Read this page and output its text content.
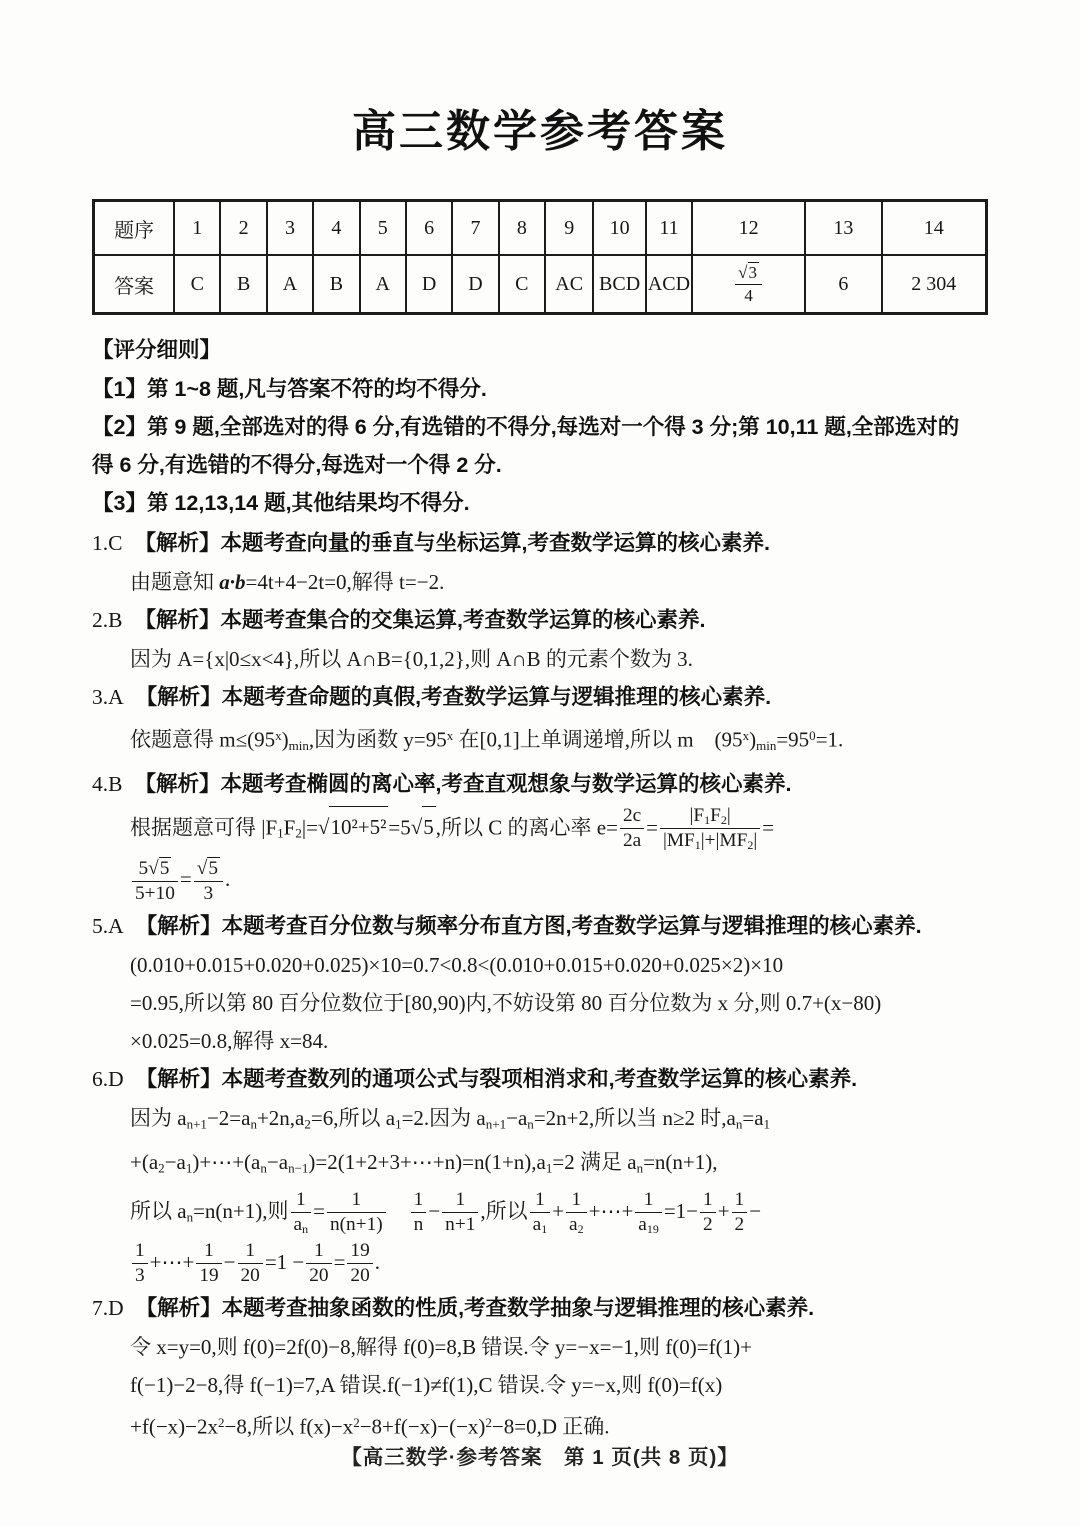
高三数学参考答案
题序	1	2	3	4	5	6	7	8	9	10	11	12	13	14
答案	C	B	A	B	A	D	D	C	AC	BCD	ACD	$\frac{√3}{4}$	6	2 304
【评分细则】
【1】第 1~8 题,凡与答案不符的均不得分.
【2】第 9 题,全部选对的得 6 分,有选错的不得分,每选对一个得 3 分;第 10,11 题,全部选对的
得 6 分,有选错的不得分,每选对一个得 2 分.
【3】第 12,13,14 题,其他结果均不得分.
1.C 【解析】本题考查向量的垂直与坐标运算,考查数学运算的核心素养.
由题意知 a·b=4t+4−2t=0,解得 t=−2.
2.B 【解析】本题考查集合的交集运算,考查数学运算的核心素养.
因为 A={x|0≤x<4},所以 A∩B={0,1,2},则 A∩B 的元素个数为 3.
3.A 【解析】本题考查命题的真假,考查数学运算与逻辑推理的核心素养.
依题意得 $m\le(95^x)_{min}$,因为函数 $y=95^x$ 在[0,1]上单调递增,所以 m　$(95^x)_{min}=95^0=1$.
4.B 【解析】本题考查椭圆的离心率,考查直观想象与数学运算的核心素养.
根据题意可得 $|F_1F_2|=√10^2+5^2=5√5$,所以 C 的离心率 $e= \frac{2c}{2a} = \frac{|F_1F_2|}{|MF_1|+|MF_2|}$ =
$\frac{5√5}{5+10} = \frac{√5}{3}$ .
5.A 【解析】本题考查百分位数与频率分布直方图,考查数学运算与逻辑推理的核心素养.
(0.010+0.015+0.020+0.025)×10=0.7<0.8<(0.010+0.015+0.020+0.025×2)×10
=0.95,所以第 80 百分位数位于[80,90)内,不妨设第 80 百分位数为 x 分,则 0.7+(x−80)
×0.025=0.8,解得 x=84.
6.D 【解析】本题考查数列的通项公式与裂项相消求和,考查数学运算的核心素养.
因为 $a_{n+1}-2=a_n+2n,a_2=6$,所以 $a_1=2$.因为 $a_{n+1}-a_n=2n+2$,所以当 n≥2 时$,a_n=a_1$
$+(a_2-a_1)+\cdots+(a_n-a_{n-1})=2(1+2+3+\cdots+n)=n(1+n),a_1=2$ 满足 $a_n=n(n+1)$,
所以 $a_n=n(n+1)$,则 $\frac{1}{a_n} = \frac{1}{n(n+1)}$
　 $\frac{1}{n} - \frac{1}{n+1}$ ,所以 $\frac{1}{a_1} + \frac{1}{a_2}$ +⋯+ $\frac{1}{a_{19}} =1- \frac{1}{2} + \frac{1}{2}$ −
$\frac{1}{3}$ +⋯+ $\frac{1}{19} - \frac{1}{20} =1 - \frac{1}{20} = \frac{19}{20}$ .
7.D 【解析】本题考查抽象函数的性质,考查数学抽象与逻辑推理的核心素养.
令 x=y=0,则 f(0)=2f(0)−8,解得 f(0)=8,B 错误.令 y=−x=−1,则 f(0)=f(1)+
f(−1)−2−8,得 f(−1)=7,A 错误.f(−1)≠f(1),C 错误.令 y=−x,则 f(0)=f(x)
$+f(-x)-2x^2-8$,所以 $f(x)-x^2-8+f(-x)-(-x)^2-8=0,D$ 正确.
【高三数学·参考答案　第 1 页(共 8 页)】
